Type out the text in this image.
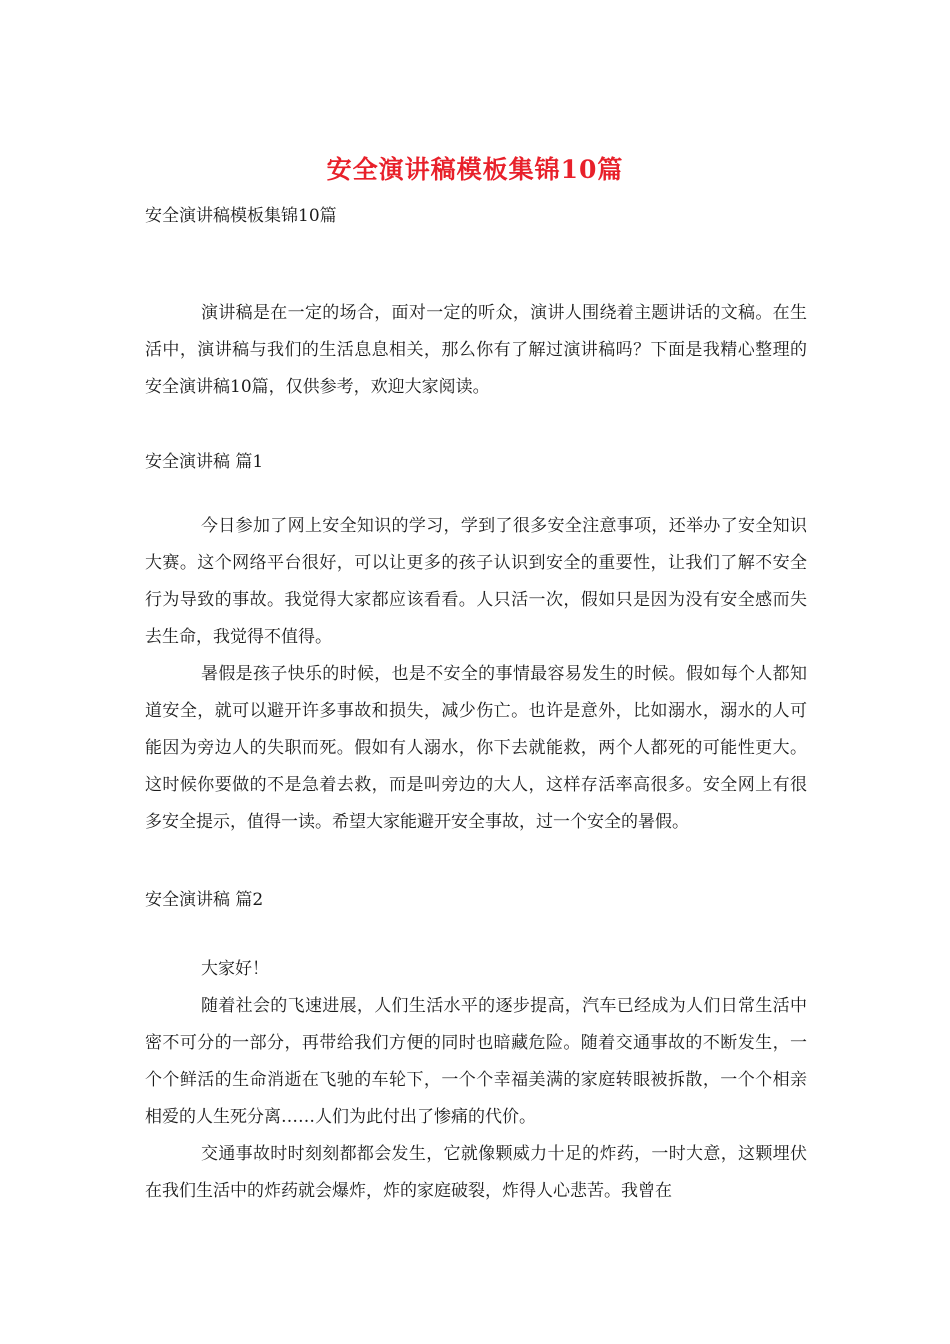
安全演讲稿模板集锦10篇
安全演讲稿模板集锦10篇

演讲稿是在一定的场合，面对一定的听众，演讲人围绕着主题讲话的文稿。在生活中，演讲稿与我们的生活息息相关，那么你有了解过演讲稿吗？下面是我精心整理的安全演讲稿10篇，仅供参考，欢迎大家阅读。

安全演讲稿 篇1

今日参加了网上安全知识的学习，学到了很多安全注意事项，还举办了安全知识大赛。这个网络平台很好，可以让更多的孩子认识到安全的重要性，让我们了解不安全行为导致的事故。我觉得大家都应该看看。人只活一次，假如只是因为没有安全感而失去生命，我觉得不值得。

暑假是孩子快乐的时候，也是不安全的事情最容易发生的时候。假如每个人都知道安全，就可以避开许多事故和损失，减少伤亡。也许是意外，比如溺水，溺水的人可能因为旁边人的失职而死。假如有人溺水，你下去就能救，两个人都死的可能性更大。这时候你要做的不是急着去救，而是叫旁边的大人，这样存活率高很多。安全网上有很多安全提示，值得一读。希望大家能避开安全事故，过一个安全的暑假。

安全演讲稿 篇2

大家好！

随着社会的飞速进展，人们生活水平的逐步提高，汽车已经成为人们日常生活中密不可分的一部分，再带给我们方便的同时也暗藏危险。随着交通事故的不断发生，一个个鲜活的生命消逝在飞驰的车轮下，一个个幸福美满的家庭转眼被拆散，一个个相亲相爱的人生死分离……人们为此付出了惨痛的代价。

交通事故时时刻刻都都会发生，它就像颗威力十足的炸药，一时大意，这颗埋伏在我们生活中的炸药就会爆炸，炸的家庭破裂，炸得人心悲苦。我曾在
